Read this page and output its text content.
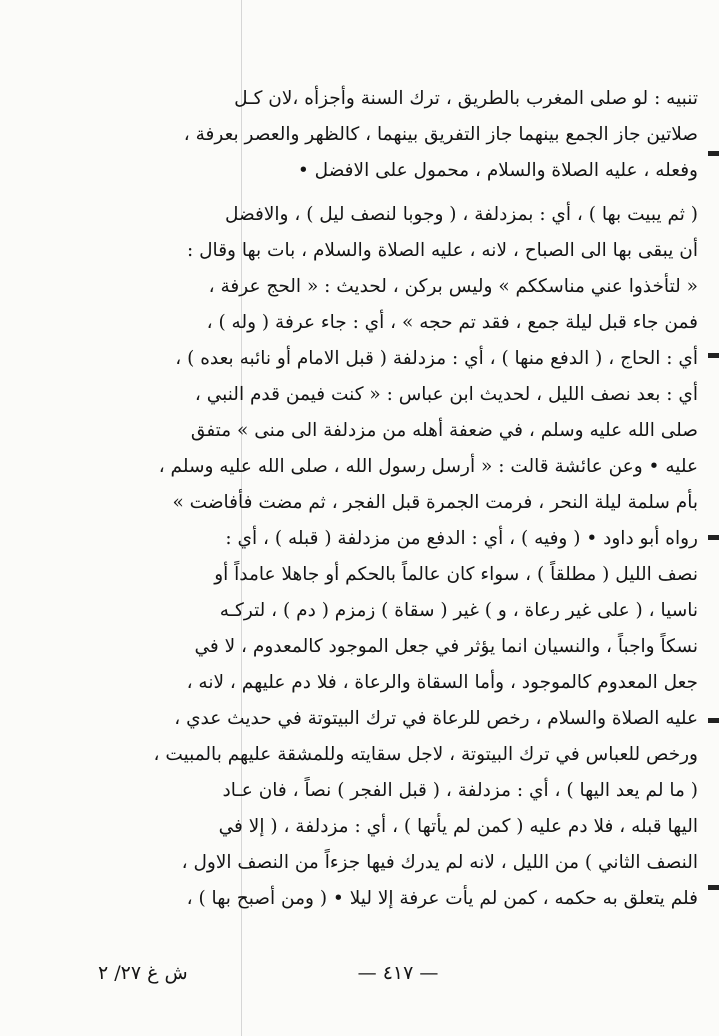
تنبيه : لو صلى المغرب بالطريق ، ترك السنة وأجزأه ،لان كـل
صلاتين جاز الجمع بينهما جاز التفريق بينهما ، كالظهر والعصر بعرفة ،
وفعله ، عليه الصلاة والسلام ، محمول على الافضل •
( ثم يبيت بها ) ، أي : بمزدلفة ، ( وجوبا لنصف ليل ) ، والافضل
أن يبقى بها الى الصباح ، لانه ، عليه الصلاة والسلام ، بات بها وقال :
« لتأخذوا عني مناسككم » وليس بركن ، لحديث : « الحج عرفة ،
فمن جاء قبل ليلة جمع ، فقد تم حجه » ، أي : جاء عرفة ( وله ) ،
أي : الحاج ، ( الدفع منها ) ، أي : مزدلفة ( قبل الامام أو نائبه بعده ) ،
أي : بعد نصف الليل ، لحديث ابن عباس : « كنت فيمن قدم النبي ،
صلى الله عليه وسلم ، في ضعفة أهله من مزدلفة الى منى » متفق
عليه • وعن عائشة قالت : « أرسل رسول الله ، صلى الله عليه وسلم ،
بأم سلمة ليلة النحر ، فرمت الجمرة قبل الفجر ، ثم مضت فأفاضت »
رواه أبو داود • ( وفيه ) ، أي : الدفع من مزدلفة ( قبله ) ، أي :
نصف الليل ( مطلقاً ) ، سواء كان عالماً بالحكم أو جاهلا عامداً أو
ناسيا ، ( على غير رعاة ، و ) غير ( سقاة ) زمزم ( دم ) ، لتركـه
نسكاً واجباً ، والنسيان انما يؤثر في جعل الموجود كالمعدوم ، لا في
جعل المعدوم كالموجود ، وأما السقاة والرعاة ، فلا دم عليهم ، لانه ،
عليه الصلاة والسلام ، رخص للرعاة في ترك البيتوتة في حديث عدي ،
ورخص للعباس في ترك البيتوتة ، لاجل سقايته وللمشقة عليهم بالمبيت ،
( ما لم يعد اليها ) ، أي : مزدلفة ، ( قبل الفجر ) نصاً ، فان عـاد
اليها قبله ، فلا دم عليه ( كمن لم يأتها ) ، أي : مزدلفة ، ( إلا في
النصف الثاني ) من الليل ، لانه لم يدرك فيها جزءاً من النصف الاول ،
فلم يتعلق به حكمه ، كمن لم يأت عرفة إلا ليلا • ( ومن أصبح بها ) ،
— ٤١٧ —
ش غ ٢٧/ ٢
